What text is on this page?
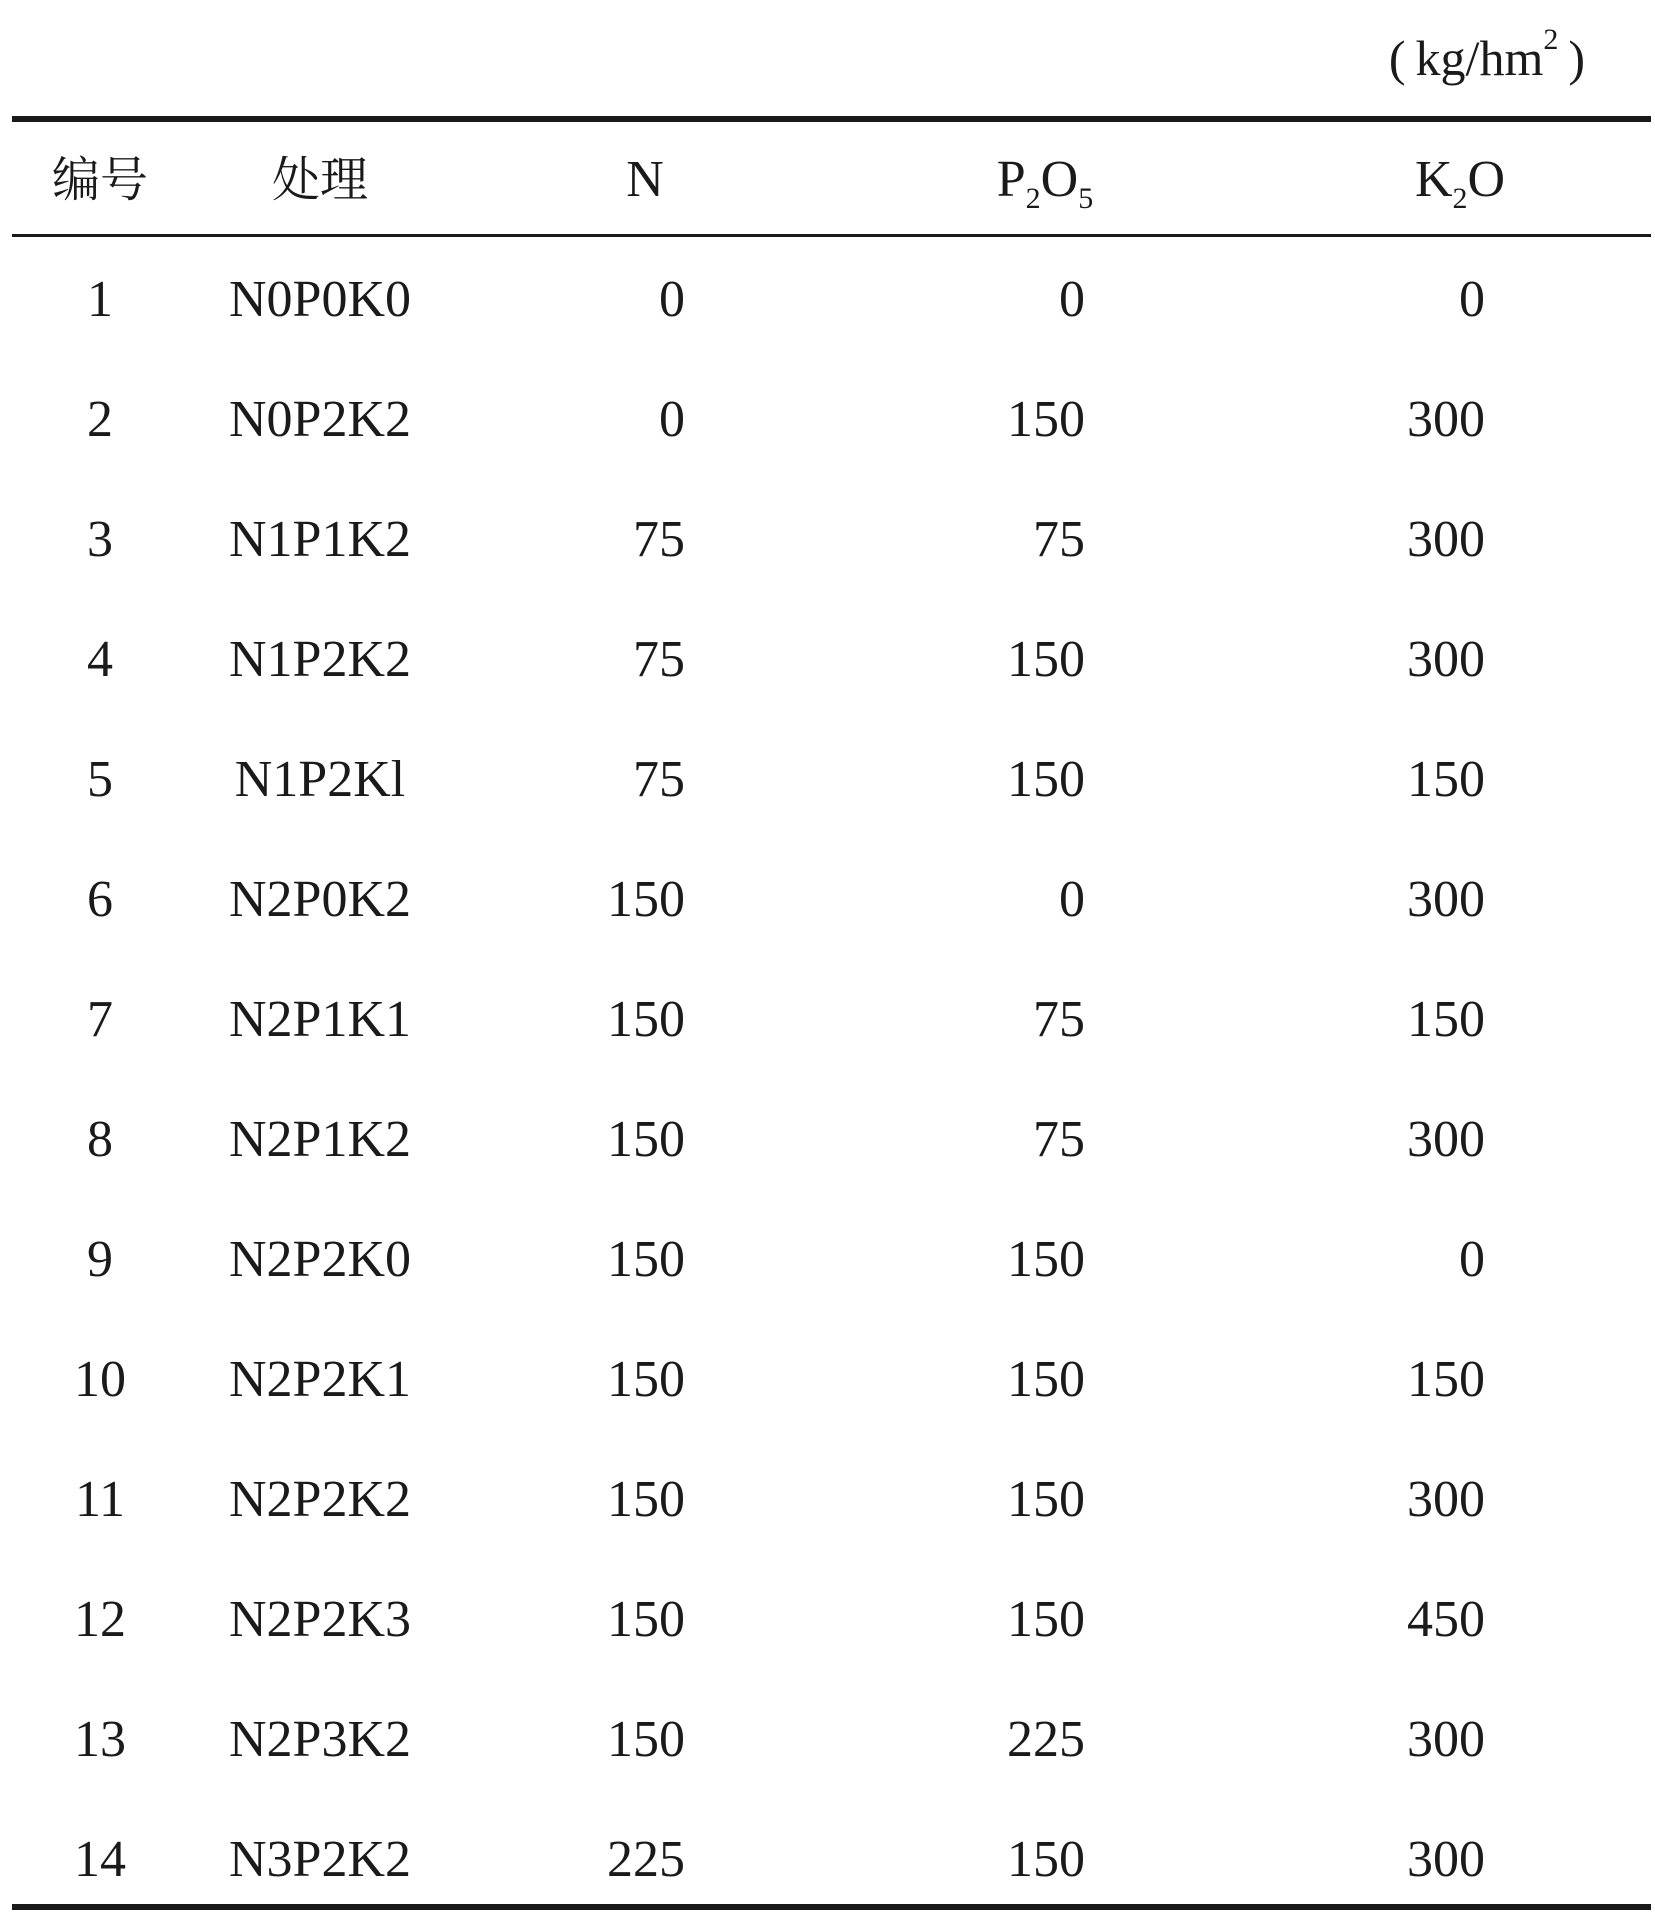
( $kg/hm^2$ )
编号	处理	N	$P_2O_5$	$K_2O$
1	N0P0K0	0	0	0
2	N0P2K2	0	150	300
3	N1P1K2	75	75	300
4	N1P2K2	75	150	300
5	N1P2Kl	75	150	150
6	N2P0K2	150	0	300
7	N2P1K1	150	75	150
8	N2P1K2	150	75	300
9	N2P2K0	150	150	0
10	N2P2K1	150	150	150
11	N2P2K2	150	150	300
12	N2P2K3	150	150	450
13	N2P3K2	150	225	300
14	N3P2K2	225	150	300
